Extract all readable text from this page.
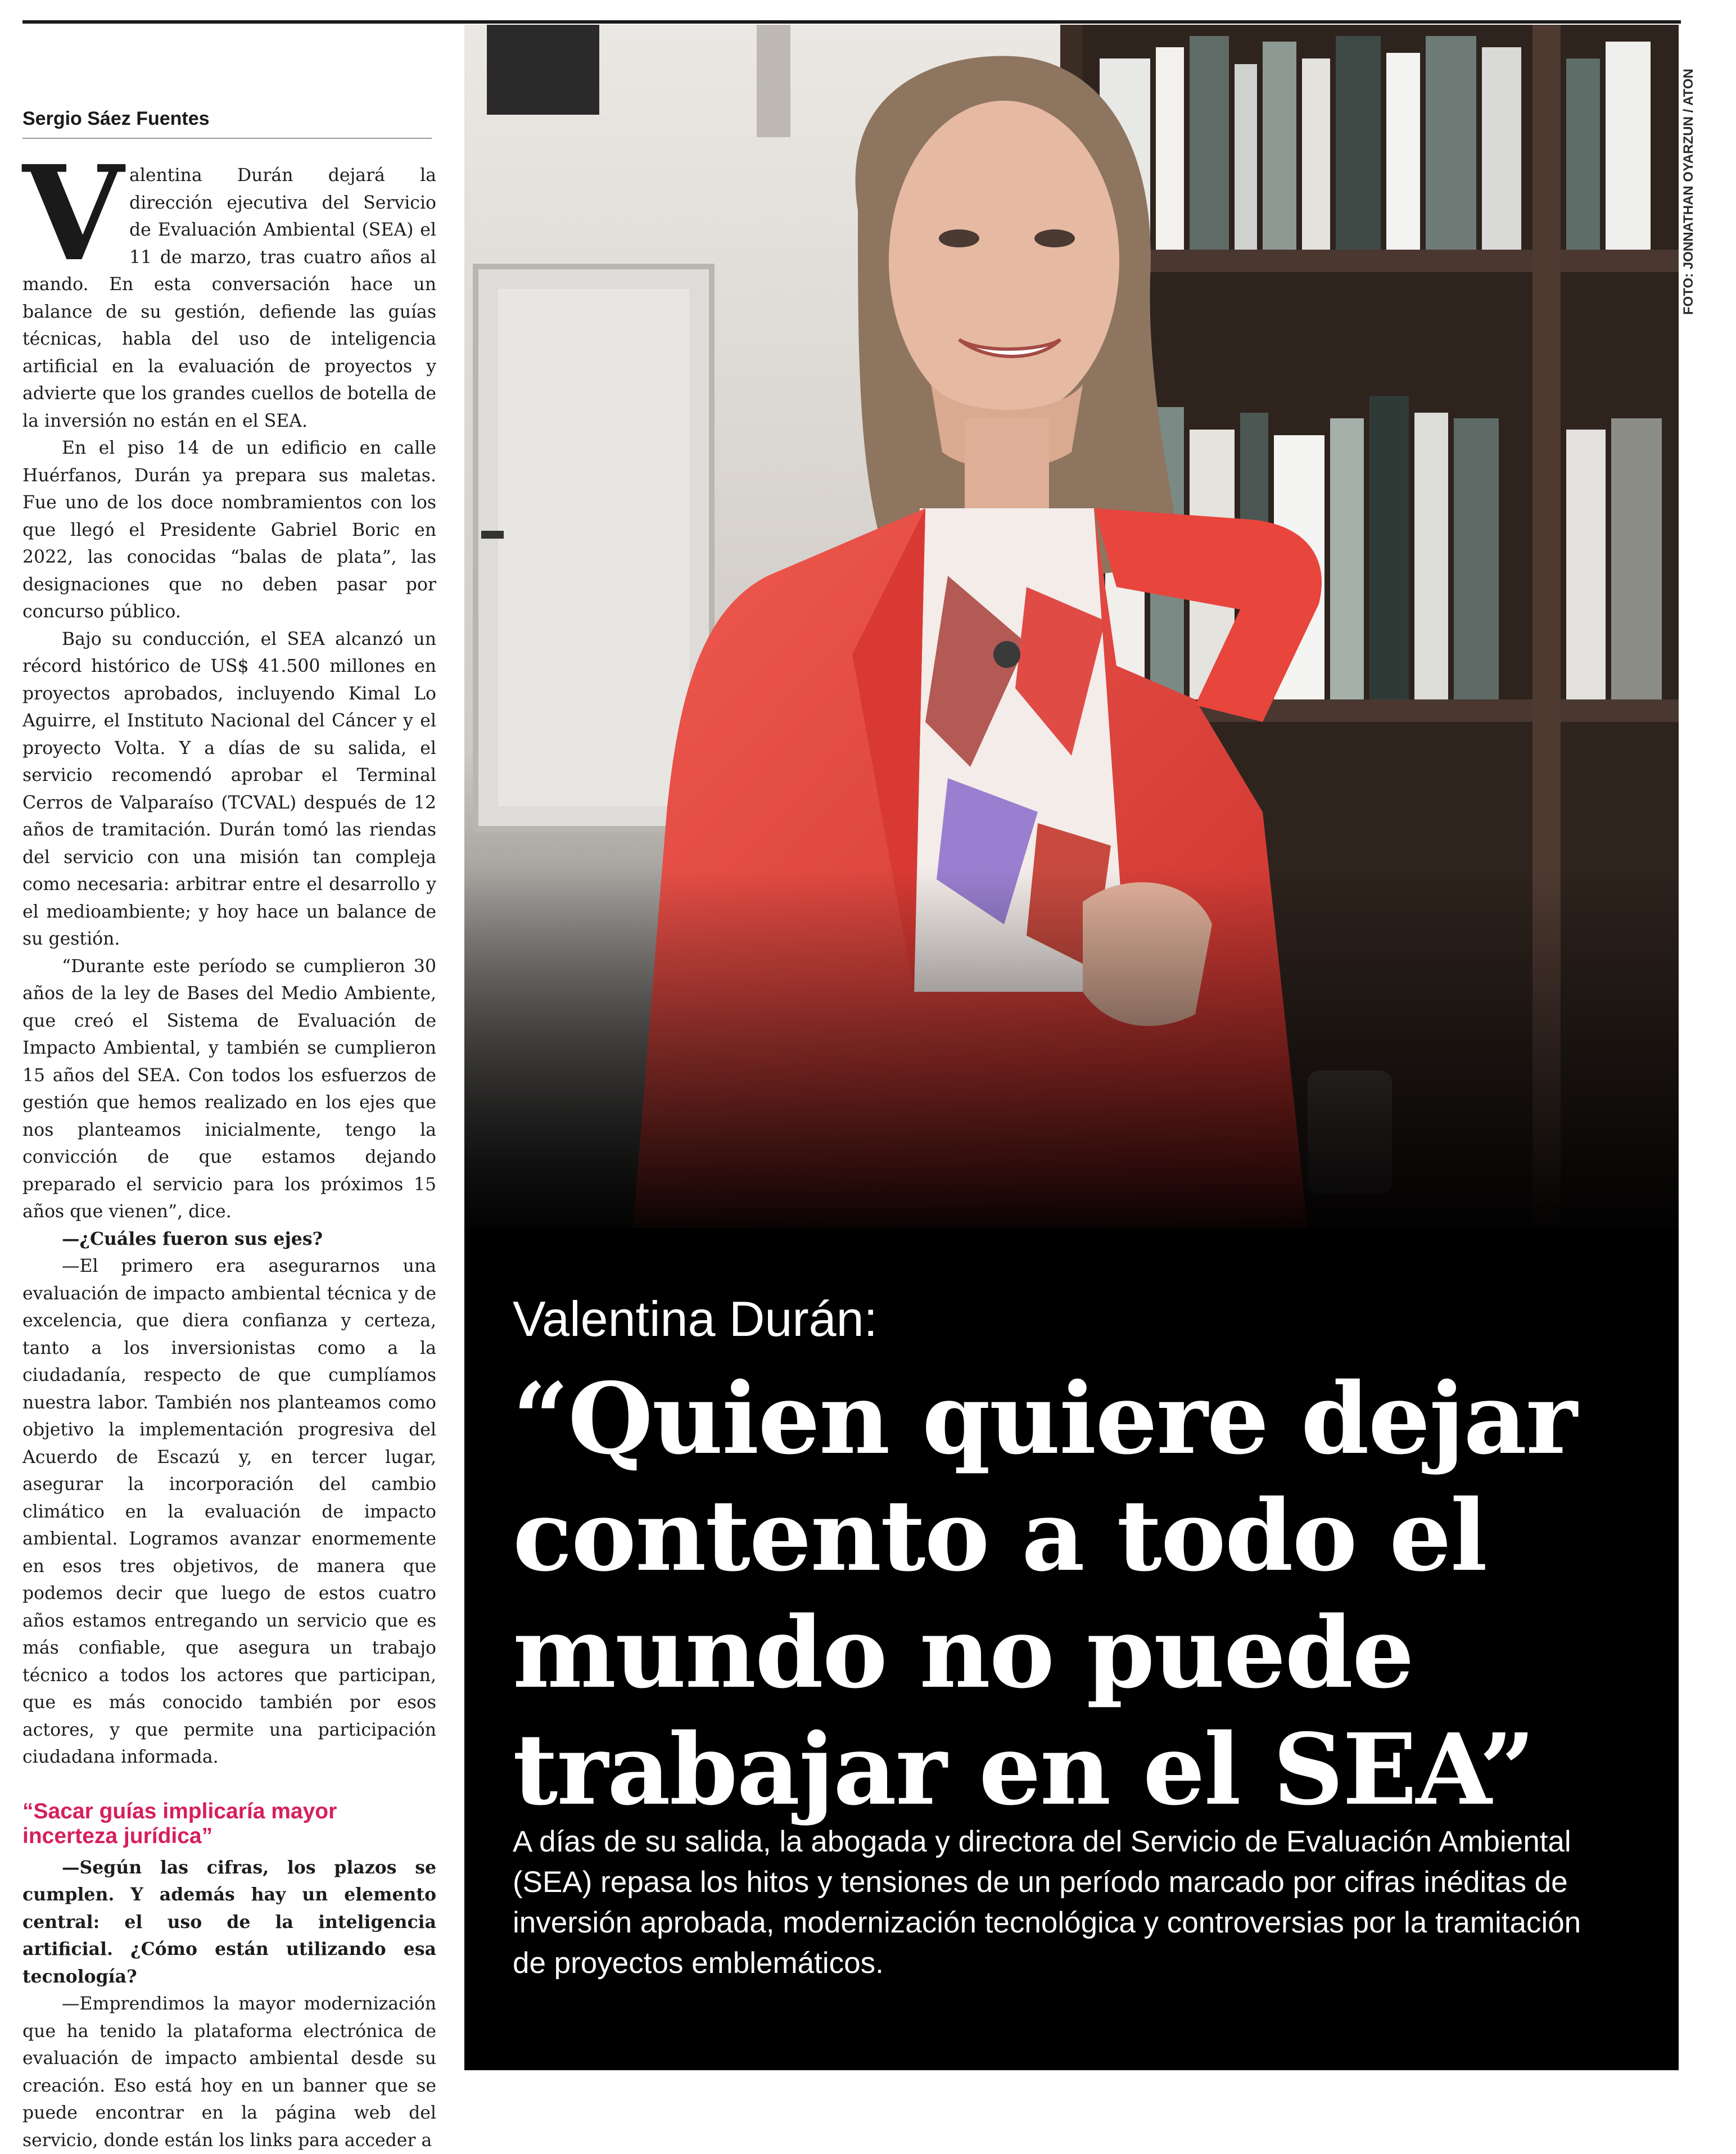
Sergio Sáez Fuentes

Valentina Durán dejará la dirección ejecutiva del Servicio de Evaluación Ambiental (SEA) el 11 de marzo, tras cuatro años al mando. En esta conversación hace un balance de su gestión, defiende las guías técnicas, habla del uso de inteligencia artificial en la evaluación de proyectos y advierte que los grandes cuellos de botella de la inversión no están en el SEA.

En el piso 14 de un edificio en calle Huérfanos, Durán ya prepara sus maletas. Fue uno de los doce nombramientos con los que llegó el Presidente Gabriel Boric en 2022, las conocidas “balas de plata”, las designaciones que no deben pasar por concurso público.

Bajo su conducción, el SEA alcanzó un récord histórico de US$ 41.500 millones en proyectos aprobados, incluyendo Kimal Lo Aguirre, el Instituto Nacional del Cáncer y el proyecto Volta. Y a días de su salida, el servicio recomendó aprobar el Terminal Cerros de Valparaíso (TCVAL) después de 12 años de tramitación. Durán tomó las riendas del servicio con una misión tan compleja como necesaria: arbitrar entre el desarrollo y el medioambiente; y hoy hace un balance de su gestión.

“Durante este período se cumplieron 30 años de la ley de Bases del Medio Ambiente, que creó el Sistema de Evaluación de Impacto Ambiental, y también se cumplieron 15 años del SEA. Con todos los esfuerzos de gestión que hemos realizado en los ejes que nos planteamos inicialmente, tengo la convicción de que estamos dejando preparado el servicio para los próximos 15 años que vienen”, dice.

—¿Cuáles fueron sus ejes?

—El primero era asegurarnos una evaluación de impacto ambiental técnica y de excelencia, que diera confianza y certeza, tanto a los inversionistas como a la ciudadanía, respecto de que cumplíamos nuestra labor. También nos planteamos como objetivo la implementación progresiva del Acuerdo de Escazú y, en tercer lugar, asegurar la incorporación del cambio climático en la evaluación de impacto ambiental. Logramos avanzar enormemente en esos tres objetivos, de manera que podemos decir que luego de estos cuatro años estamos entregando un servicio que es más confiable, que asegura un trabajo técnico a todos los actores que participan, que es más conocido también por esos actores, y que permite una participación ciudadana informada.

“Sacar guías implicaría mayor incerteza jurídica”

—Según las cifras, los plazos se cumplen. Y además hay un elemento central: el uso de la inteligencia artificial. ¿Cómo están utilizando esa tecnología?

—Emprendimos la mayor modernización que ha tenido la plataforma electrónica de evaluación de impacto ambiental desde su creación. Eso está hoy en un banner que se puede encontrar en la página web del servicio, donde están los links para acceder a

FOTO: JONNATHAN OYARZUN / ATON
Valentina Durán:
“Quien quiere dejar contento a todo el mundo no puede trabajar en el SEA”
A días de su salida, la abogada y directora del Servicio de Evaluación Ambiental (SEA) repasa los hitos y tensiones de un período marcado por cifras inéditas de inversión aprobada, modernización tecnológica y controversias por la tramitación de proyectos emblemáticos.
